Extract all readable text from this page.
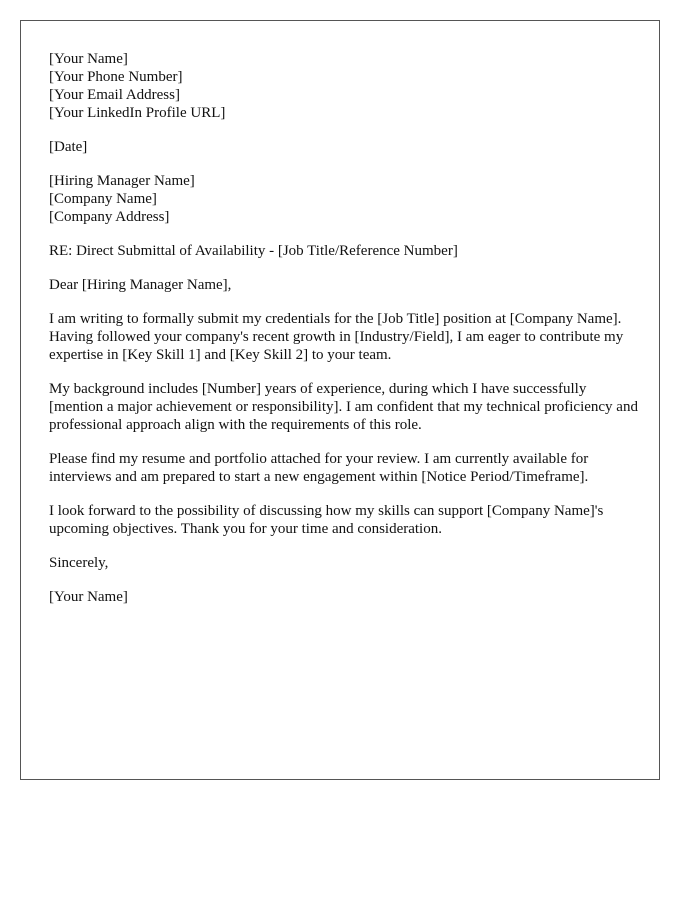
[Your Name]
[Your Phone Number]
[Your Email Address]
[Your LinkedIn Profile URL]
[Date]
[Hiring Manager Name]
[Company Name]
[Company Address]
RE: Direct Submittal of Availability - [Job Title/Reference Number]
Dear [Hiring Manager Name],

I am writing to formally submit my credentials for the [Job Title] position at [Company Name]. Having followed your company's recent growth in [Industry/Field], I am eager to contribute my expertise in [Key Skill 1] and [Key Skill 2] to your team.

My background includes [Number] years of experience, during which I have successfully [mention a major achievement or responsibility]. I am confident that my technical proficiency and professional approach align with the requirements of this role.

Please find my resume and portfolio attached for your review. I am currently available for interviews and am prepared to start a new engagement within [Notice Period/Timeframe].

I look forward to the possibility of discussing how my skills can support [Company Name]'s upcoming objectives. Thank you for your time and consideration.

Sincerely,
[Your Name]
